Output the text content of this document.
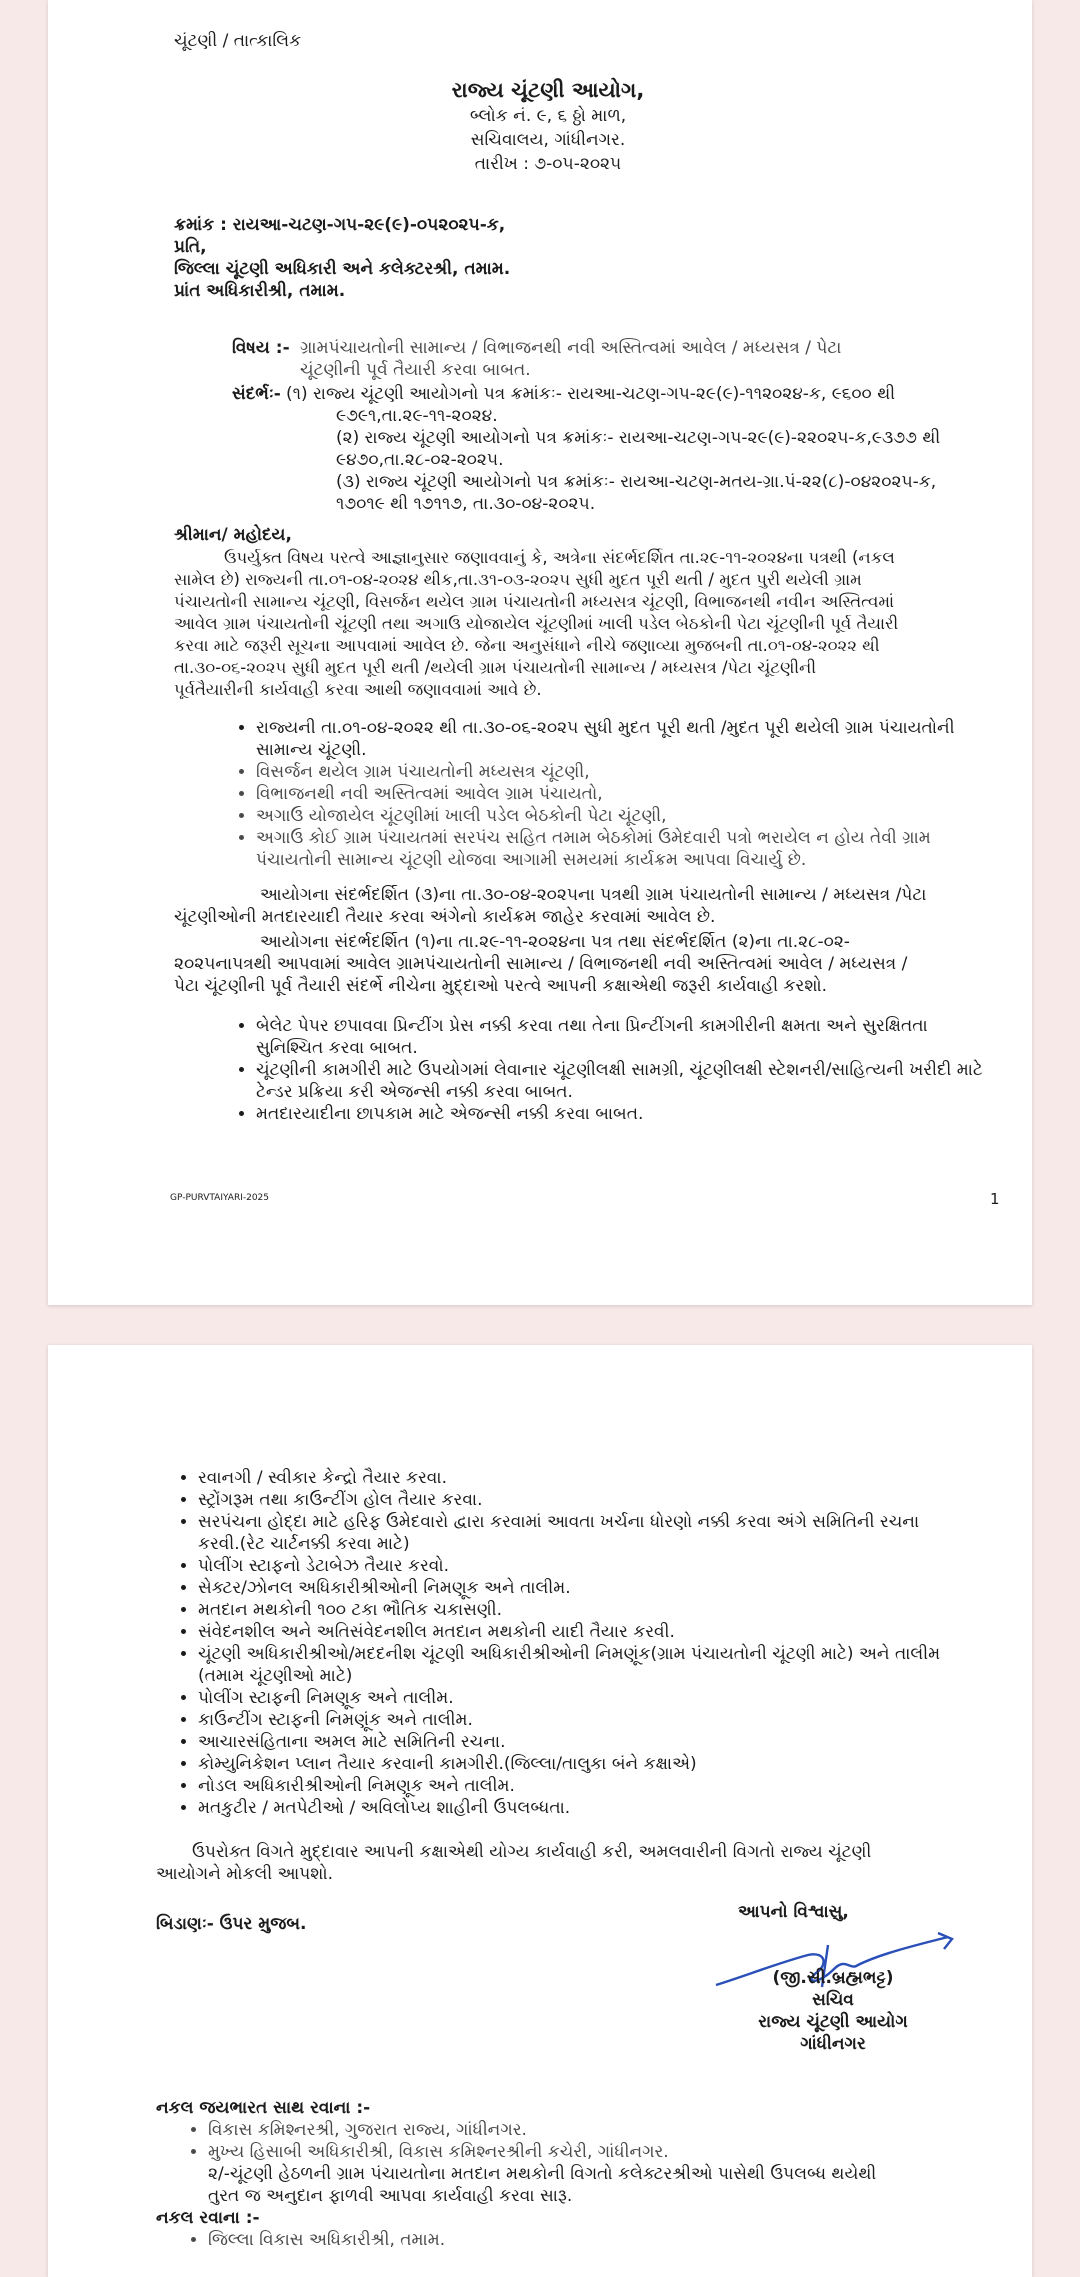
ચૂંટણી / તાત્કાલિક
રાજ્ય ચૂંટણી આયોગ,
બ્લોક નં. ૯, ૬ ઠ્ઠો માળ,
સચિવાલય, ગાંધીનગર.
તારીખ : ૭-૦૫-૨૦૨૫
ક્રમાંક : રાયઆ-ચટણ-ગપ-૨૯(૯)-૦૫૨૦૨૫-ક,
પ્રતિ,
જિલ્લા ચૂંટણી અધિકારી અને કલેક્ટરશ્રી, તમામ.
પ્રાંત અધિકારીશ્રી, તમામ.
વિષય :- ગ્રામપંચાયતોની સામાન્ય / વિભાજનથી નવી અસ્તિત્વમાં આવેલ / મધ્યસત્ર / પેટા
ચૂંટણીની પૂર્વ તૈયારી કરવા બાબત.
સંદર્ભઃ- (૧) રાજ્ય ચૂંટણી આયોગનો પત્ર ક્રમાંકઃ- રાયઆ-ચટણ-ગપ-૨૯(૯)-૧૧૨૦૨૪-ક, ૯૬૦૦ થી
૯૭૯૧,તા.૨૯-૧૧-૨૦૨૪.
(૨) રાજ્ય ચૂંટણી આયોગનો પત્ર ક્રમાંકઃ- રાયઆ-ચટણ-ગપ-૨૯(૯)-૨૨૦૨૫-ક,૯૩૭૭ થી
૯૪૭૦,તા.૨૮-૦૨-૨૦૨૫.
(૩) રાજ્ય ચૂંટણી આયોગનો પત્ર ક્રમાંકઃ- રાયઆ-ચટણ-મતય-ગ્રા.પં-૨૨(૮)-૦૪૨૦૨૫-ક,
૧૭૦૧૯ થી ૧૭૧૧૭, તા.૩૦-૦૪-૨૦૨૫.
શ્રીમાન/ મહોદય,
ઉપર્યુક્ત વિષય પરત્વે આજ્ઞાનુસાર જણાવવાનું કે, અત્રેના સંદર્ભદર્શિત તા.૨૯-૧૧-૨૦૨૪ના પત્રથી (નકલ
સામેલ છે) રાજ્યની તા.૦૧-૦૪-૨૦૨૪ થીક,તા.૩૧-૦૩-૨૦૨૫ સુધી મુદત પૂરી થતી / મુદત પુરી થયેલી ગ્રામ
પંચાયતોની સામાન્ય ચૂંટણી, વિસર્જન થયેલ ગ્રામ પંચાયતોની મધ્યસત્ર ચૂંટણી, વિભાજનથી નવીન અસ્તિત્વમાં
આવેલ ગ્રામ પંચાયતોની ચૂંટણી તથા અગાઉ યોજાયેલ ચૂંટણીમાં ખાલી પડેલ બેઠકોની પેટા ચૂંટણીની પૂર્વ તૈયારી
કરવા માટે જરૂરી સૂચના આપવામાં આવેલ છે. જેના અનુસંધાને નીચે જણાવ્યા મુજબની તા.૦૧-૦૪-૨૦૨૨ થી
તા.૩૦-૦૬-૨૦૨૫ સુધી મુદત પૂરી થતી /થયેલી ગ્રામ પંચાયતોની સામાન્ય / મધ્યસત્ર /પેટા ચૂંટણીની
પૂર્વતૈયારીની કાર્યવાહી કરવા આથી જણાવવામાં આવે છે.
• રાજ્યની તા.૦૧-૦૪-૨૦૨૨ થી તા.૩૦-૦૬-૨૦૨૫ સુધી મુદત પૂરી થતી /મુદત પૂરી થયેલી ગ્રામ પંચાયતોની સામાન્ય ચૂંટણી.
• વિસર્જન થયેલ ગ્રામ પંચાયતોની મધ્યસત્ર ચૂંટણી,
• વિભાજનથી નવી અસ્તિત્વમાં આવેલ ગ્રામ પંચાયતો,
• અગાઉ યોજાયેલ ચૂંટણીમાં ખાલી પડેલ બેઠકોની પેટા ચૂંટણી,
• અગાઉ કોઈ ગ્રામ પંચાયતમાં સરપંચ સહિત તમામ બેઠકોમાં ઉમેદવારી પત્રો ભરાયેલ ન હોય તેવી ગ્રામ પંચાયતોની સામાન્ય ચૂંટણી યોજવા આગામી સમયમાં કાર્યક્રમ આપવા વિચાર્યુ છે.
આયોગના સંદર્ભદર્શિત (૩)ના તા.૩૦-૦૪-૨૦૨૫ના પત્રથી ગ્રામ પંચાયતોની સામાન્ય / મધ્યસત્ર /પેટા
ચૂંટણીઓની મતદારયાદી તૈયાર કરવા અંગેનો કાર્યક્રમ જાહેર કરવામાં આવેલ છે.
આયોગના સંદર્ભદર્શિત (૧)ના તા.૨૯-૧૧-૨૦૨૪ના પત્ર તથા સંદર્ભદર્શિત (૨)ના તા.૨૮-૦૨-
૨૦૨૫નાપત્રથી આપવામાં આવેલ ગ્રામપંચાયતોની સામાન્ય / વિભાજનથી નવી અસ્તિત્વમાં આવેલ / મધ્યસત્ર /
પેટા ચૂંટણીની પૂર્વ તૈયારી સંદર્ભે નીચેના મુદ્દાઓ પરત્વે આપની કક્ષાએથી જરૂરી કાર્યવાહી કરશો.
• બેલેટ પેપર છપાવવા પ્રિન્ટીંગ પ્રેસ નક્કી કરવા તથા તેના પ્રિન્ટીંગની કામગીરીની ક્ષમતા અને સુરક્ષિતતા સુનિશ્ચિત કરવા બાબત.
• ચૂંટણીની કામગીરી માટે ઉપયોગમાં લેવાનાર ચૂંટણીલક્ષી સામગ્રી, ચૂંટણીલક્ષી સ્ટેશનરી/સાહિત્યની ખરીદી માટે ટેન્ડર પ્રક્રિયા કરી એજન્સી નક્કી કરવા બાબત.
• મતદારયાદીના છાપકામ માટે એજન્સી નક્કી કરવા બાબત.
GP-PURVTAIYARI-2025	1
• રવાનગી / સ્વીકાર કેન્દ્રો તૈયાર કરવા.
• સ્ટ્રોંગરૂમ તથા કાઉન્ટીંગ હોલ તૈયાર કરવા.
• સરપંચના હોદ્દા માટે હરિફ ઉમેદવારો દ્વારા કરવામાં આવતા ખર્ચના ધોરણો નક્કી કરવા અંગે સમિતિની રચના કરવી.(રેટ ચાર્ટનક્કી કરવા માટે)
• પોલીંગ સ્ટાફનો ડેટાબેઝ તૈયાર કરવો.
• સેક્ટર/ઝોનલ અધિકારીશ્રીઓની નિમણૂક અને તાલીમ.
• મતદાન મથકોની ૧૦૦ ટકા ભૌતિક ચકાસણી.
• સંવેદનશીલ અને અતિસંવેદનશીલ મતદાન મથકોની યાદી તૈયાર કરવી.
• ચૂંટણી અધિકારીશ્રીઓ/મદદનીશ ચૂંટણી અધિકારીશ્રીઓની નિમણૂંક(ગ્રામ પંચાયતોની ચૂંટણી માટે) અને તાલીમ (તમામ ચૂંટણીઓ માટે)
• પોલીંગ સ્ટાફની નિમણૂક અને તાલીમ.
• કાઉન્ટીંગ સ્ટાફની નિમણૂંક અને તાલીમ.
• આચારસંહિતાના અમલ માટે સમિતિની રચના.
• કોમ્યુનિકેશન પ્લાન તૈયાર કરવાની કામગીરી.(જિલ્લા/તાલુકા બંને કક્ષાએ)
• નોડલ અધિકારીશ્રીઓની નિમણૂક અને તાલીમ.
• મતકુટીર / મતપેટીઓ / અવિલોપ્ય શાહીની ઉપલબ્ધતા.
ઉપરોક્ત વિગતે મુદ્દાવાર આપની કક્ષાએથી યોગ્ય કાર્યવાહી કરી, અમલવારીની વિગતો રાજ્ય ચૂંટણી
આયોગને મોકલી આપશો.
બિડાણઃ- ઉપર મુજબ.
આપનો વિશ્વાસુ,
(જી.સી.બ્રહ્મભટ્ટ)
સચિવ
રાજ્ય ચૂંટણી આયોગ
ગાંધીનગર
નકલ જયભારત સાથ રવાના :-
• વિકાસ કમિશ્નરશ્રી, ગુજરાત રાજ્ય, ગાંધીનગર.
• મુખ્ય હિસાબી અધિકારીશ્રી, વિકાસ કમિશ્નરશ્રીની કચેરી, ગાંધીનગર.
૨/-ચૂંટણી હેઠળની ગ્રામ પંચાયતોના મતદાન મથકોની વિગતો કલેક્ટરશ્રીઓ પાસેથી ઉપલબ્ધ થયેથી
તુરત જ અનુદાન ફાળવી આપવા કાર્યવાહી કરવા સારૂ.
નકલ રવાના :-
• જિલ્લા વિકાસ અધિકારીશ્રી, તમામ.
